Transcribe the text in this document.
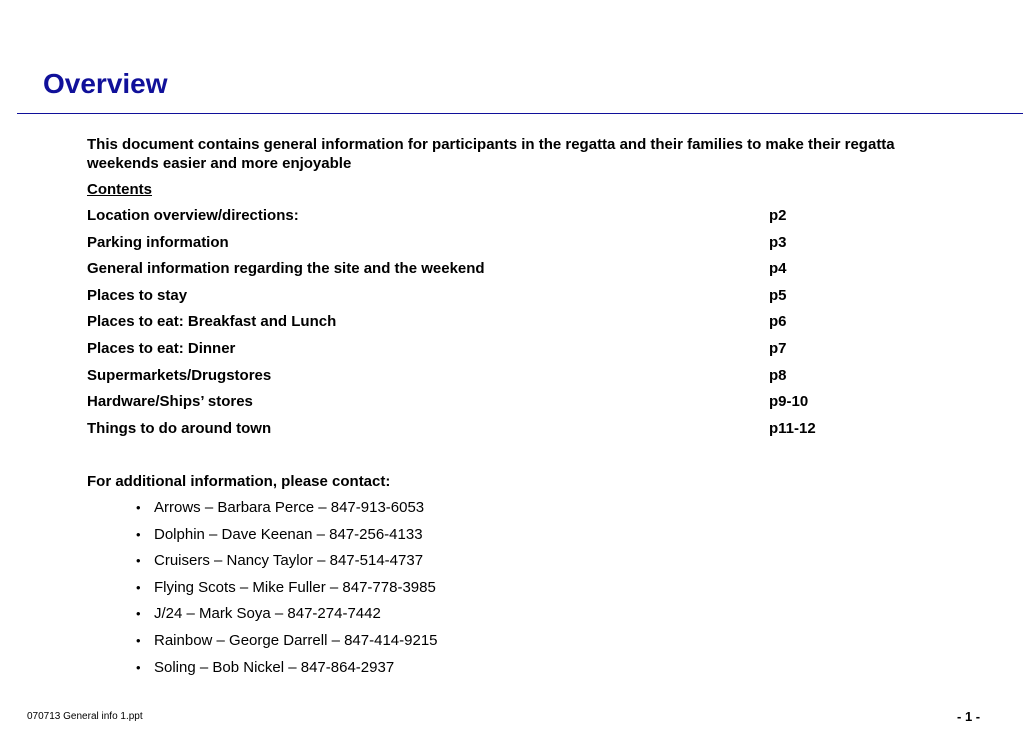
Overview

This document contains general information for participants in the regatta and their families to make their regatta weekends easier and more enjoyable

Contents
Location overview/directions:	p2
Parking information	p3
General information regarding the site and the weekend	p4
Places to stay	p5
Places to eat: Breakfast and Lunch	p6
Places to eat: Dinner	p7
Supermarkets/Drugstores	p8
Hardware/Ships’ stores	p9-10
Things to do around town	p11-12
For additional information, please contact:
• Arrows – Barbara Perce – 847-913-6053
• Dolphin – Dave Keenan – 847-256-4133
• Cruisers – Nancy Taylor – 847-514-4737
• Flying Scots – Mike Fuller – 847-778-3985
• J/24 – Mark Soya – 847-274-7442
• Rainbow – George Darrell – 847-414-9215
• Soling – Bob Nickel – 847-864-2937
070713 General info 1.ppt	- 1 -
